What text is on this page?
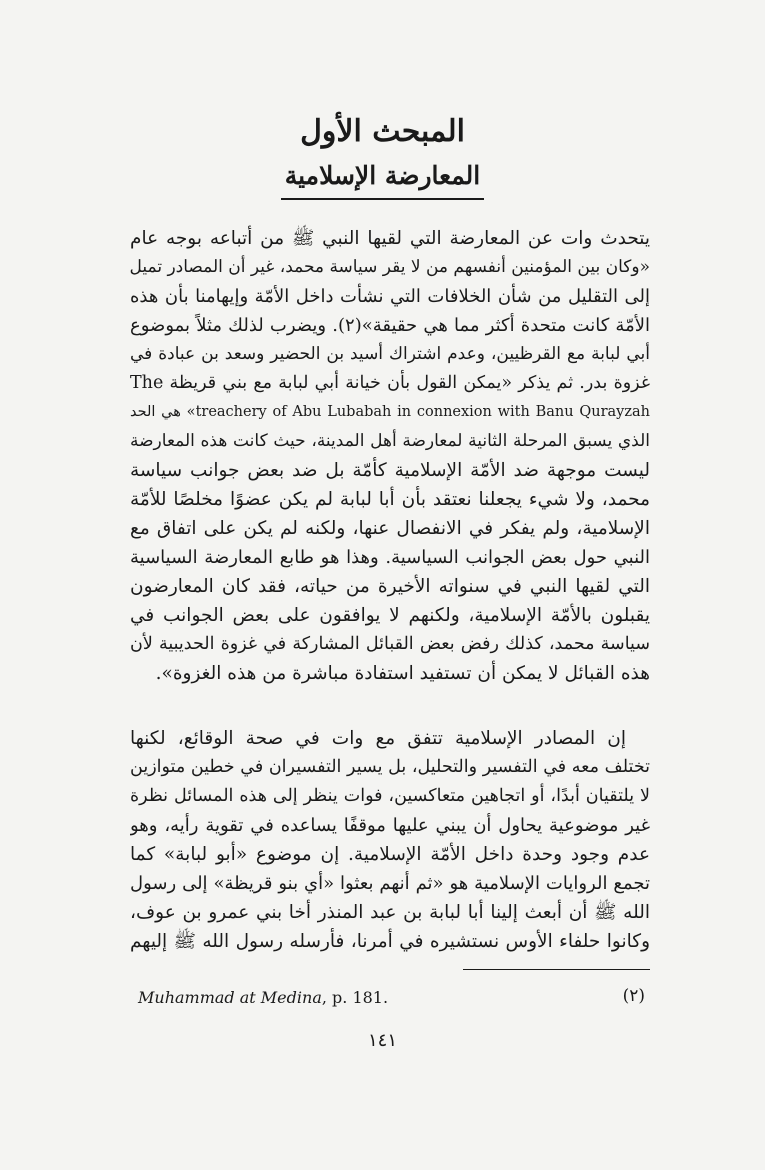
المبحث الأول
المعارضة الإسلامية
يتحدث وات عن المعارضة التي لقيها النبي ﷺ من أتباعه بوجه عام
«وكان بين المؤمنين أنفسهم من لا يقر سياسة محمد، غير أن المصادر تميل
إلى التقليل من شأن الخلافات التي نشأت داخل الأمّة وإيهامنا بأن هذه
الأمّة كانت متحدة أكثر مما هي حقيقة»(٢). ويضرب لذلك مثلاً بموضوع
أبي لبابة مع القرظيين، وعدم اشتراك أسيد بن الحضير وسعد بن عبادة في
غزوة بدر. ثم يذكر «يمكن القول بأن خيانة أبي لبابة مع بني قريظة The
treachery of Abu Lubabah in connexion with Banu Qurayzah» هي الحد
الذي يسبق المرحلة الثانية لمعارضة أهل المدينة، حيث كانت هذه المعارضة
ليست موجهة ضد الأمّة الإسلامية كأمّة بل ضد بعض جوانب سياسة
محمد، ولا شيء يجعلنا نعتقد بأن أبا لبابة لم يكن عضوًا مخلصًا للأمّة
الإسلامية، ولم يفكر في الانفصال عنها، ولكنه لم يكن على اتفاق مع
النبي حول بعض الجوانب السياسية. وهذا هو طابع المعارضة السياسية
التي لقيها النبي في سنواته الأخيرة من حياته، فقد كان المعارضون
يقبلون بالأمّة الإسلامية، ولكنهم لا يوافقون على بعض الجوانب في
سياسة محمد، كذلك رفض بعض القبائل المشاركة في غزوة الحديبية لأن
هذه القبائل لا يمكن أن تستفيد استفادة مباشرة من هذه الغزوة».
إن المصادر الإسلامية تتفق مع وات في صحة الوقائع، لكنها
تختلف معه في التفسير والتحليل، بل يسير التفسيران في خطين متوازين
لا يلتقيان أبدًا، أو اتجاهين متعاكسين، فوات ينظر إلى هذه المسائل نظرة
غير موضوعية يحاول أن يبني عليها موقفًا يساعده في تقوية رأيه، وهو
عدم وجود وحدة داخل الأمّة الإسلامية. إن موضوع «أبو لبابة» كما
تجمع الروايات الإسلامية هو «ثم أنهم بعثوا «أي بنو قريظة» إلى رسول
الله ﷺ أن أبعث إلينا أبا لبابة بن عبد المنذر أخا بني عمرو بن عوف،
وكانوا حلفاء الأوس نستشيره في أمرنا، فأرسله رسول الله ﷺ إليهم
(٢)
Muhammad at Medina, p. 181.
١٤١
